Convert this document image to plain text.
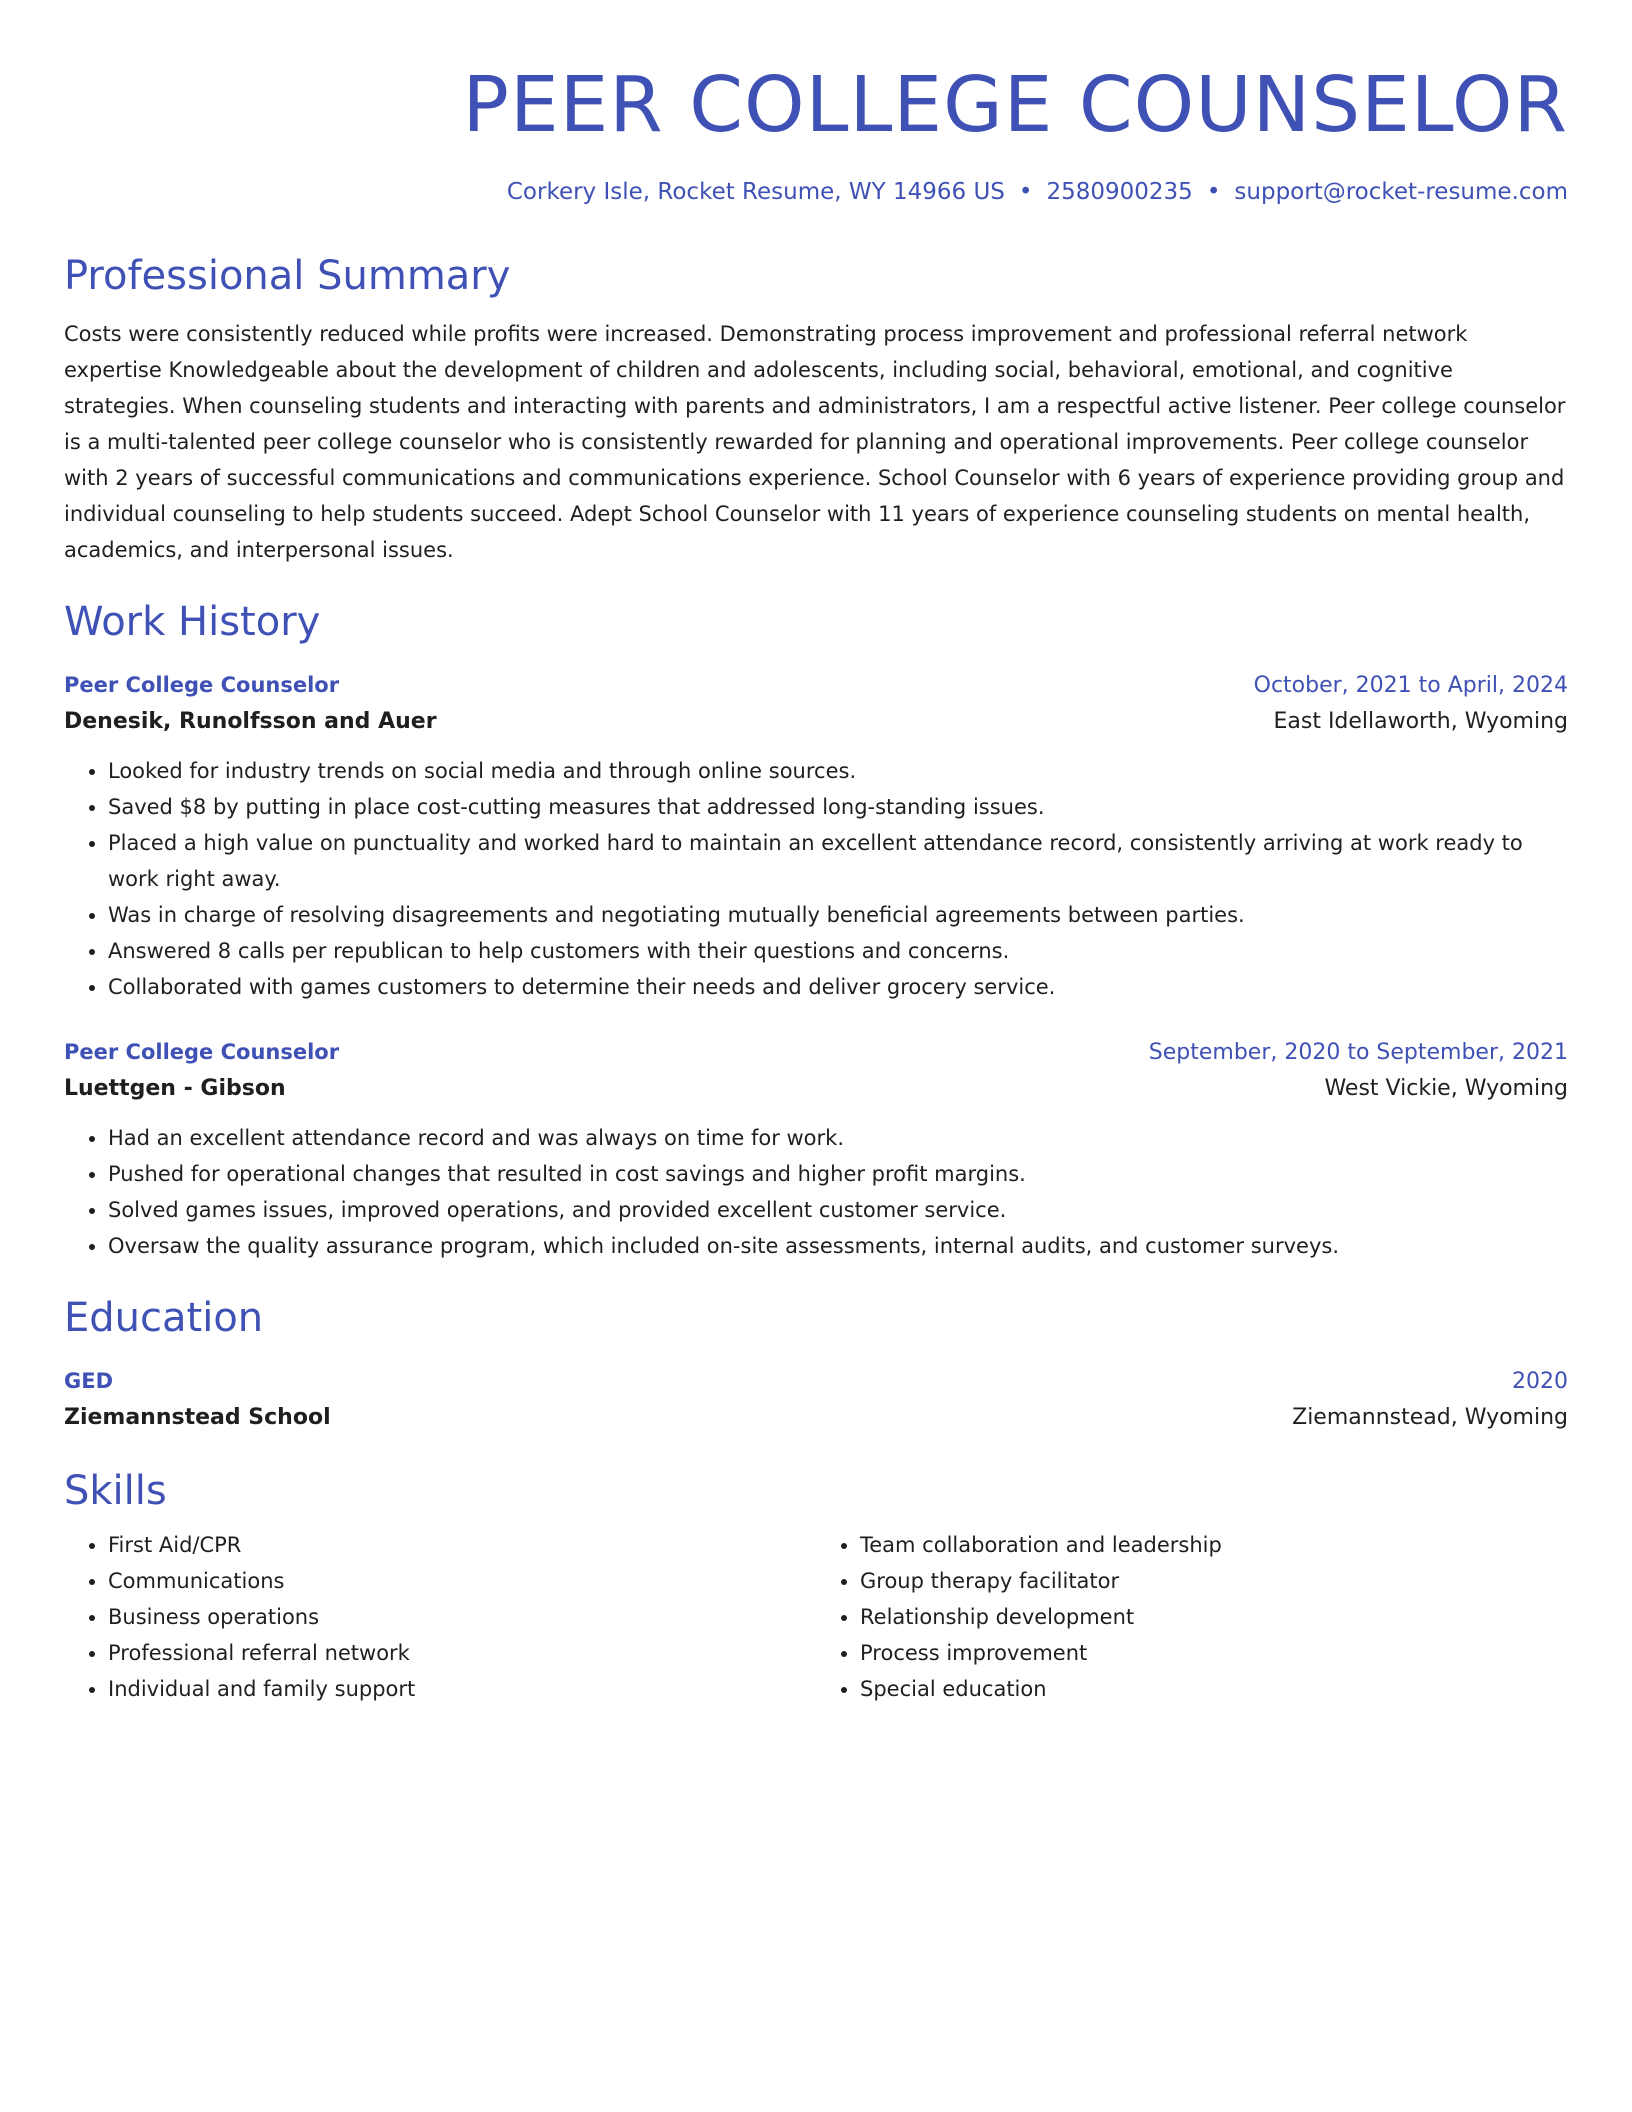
PEER COLLEGE COUNSELOR
Corkery Isle, Rocket Resume, WY 14966 US • 2580900235 • support@rocket-resume.com
Professional Summary

Costs were consistently reduced while profits were increased. Demonstrating process improvement and professional referral network expertise Knowledgeable about the development of children and adolescents, including social, behavioral, emotional, and cognitive strategies. When counseling students and interacting with parents and administrators, I am a respectful active listener. Peer college counselor is a multi-talented peer college counselor who is consistently rewarded for planning and operational improvements. Peer college counselor with 2 years of successful communications and communications experience. School Counselor with 6 years of experience providing group and individual counseling to help students succeed. Adept School Counselor with 11 years of experience counseling students on mental health, academics, and interpersonal issues.

Work History
Peer College Counselor	October, 2021 to April, 2024
Denesik, Runolfsson and Auer	East Idellaworth, Wyoming
• Looked for industry trends on social media and through online sources.
• Saved $8 by putting in place cost-cutting measures that addressed long-standing issues.
• Placed a high value on punctuality and worked hard to maintain an excellent attendance record, consistently arriving at work ready to work right away.
• Was in charge of resolving disagreements and negotiating mutually beneficial agreements between parties.
• Answered 8 calls per republican to help customers with their questions and concerns.
• Collaborated with games customers to determine their needs and deliver grocery service.
Peer College Counselor	September, 2020 to September, 2021
Luettgen - Gibson	West Vickie, Wyoming
• Had an excellent attendance record and was always on time for work.
• Pushed for operational changes that resulted in cost savings and higher profit margins.
• Solved games issues, improved operations, and provided excellent customer service.
• Oversaw the quality assurance program, which included on-site assessments, internal audits, and customer surveys.
Education
GED	2020
Ziemannstead School	Ziemannstead, Wyoming
Skills
• First Aid/CPR
• Communications
• Business operations
• Professional referral network
• Individual and family support
• Team collaboration and leadership
• Group therapy facilitator
• Relationship development
• Process improvement
• Special education
